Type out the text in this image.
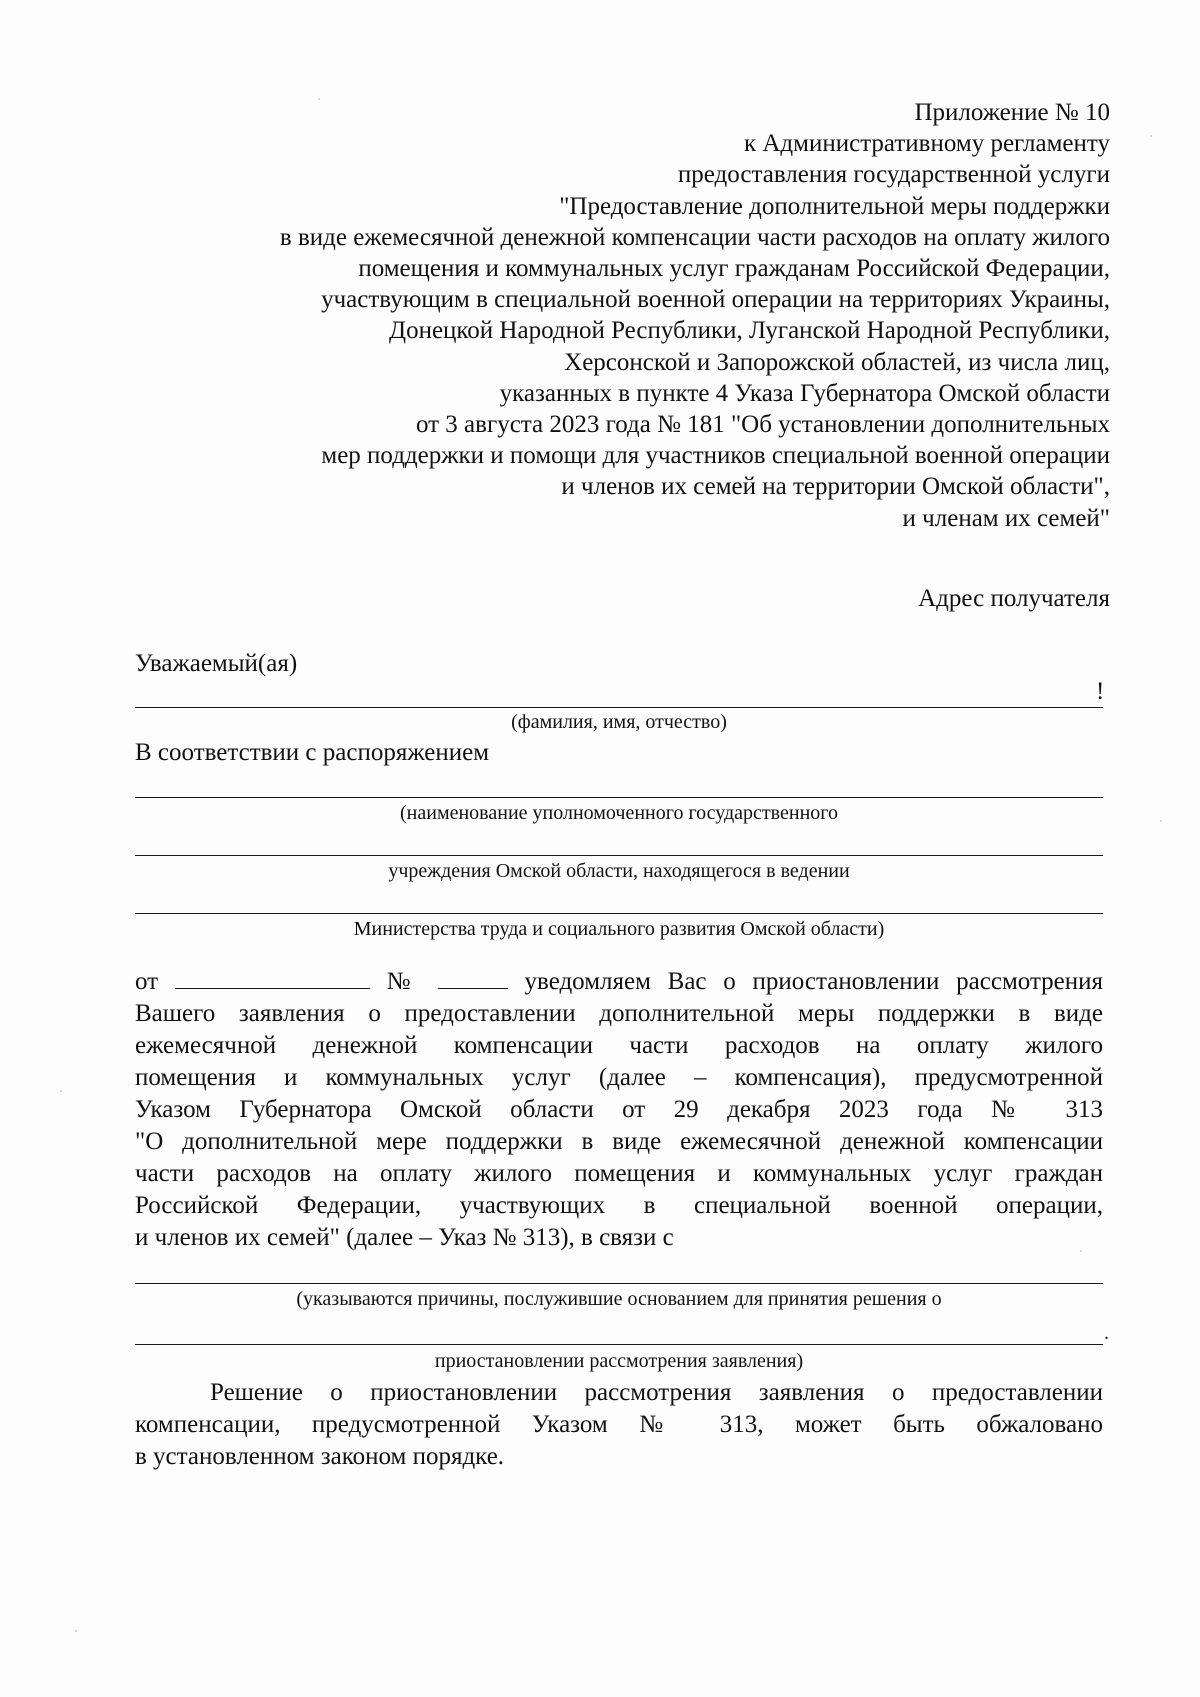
Приложение № 10
к Административному регламенту
предоставления государственной услуги
"Предоставление дополнительной меры поддержки
в виде ежемесячной денежной компенсации части расходов на оплату жилого
помещения и коммунальных услуг гражданам Российской Федерации,
участвующим в специальной военной операции на территориях Украины,
Донецкой Народной Республики, Луганской Народной Республики,
Херсонской и Запорожской областей, из числа лиц,
указанных в пункте 4 Указа Губернатора Омской области
от 3 августа 2023 года № 181 "Об установлении дополнительных
мер поддержки и помощи для участников специальной военной операции
и членов их семей на территории Омской области",
и членам их семей"
Адрес получателя
Уважаемый(ая)
!
(фамилия, имя, отчество)
В соответствии с распоряжением
(наименование уполномоченного государственного
учреждения Омской области, находящегося в ведении
Министерства труда и социального развития Омской области)
от	№	уведомляем Вас о приостановлении рассмотрения
Вашего заявления о предоставлении дополнительной меры поддержки в виде
ежемесячной денежной компенсации части расходов на оплату жилого
помещения и коммунальных услуг (далее – компенсация), предусмотренной
Указом Губернатора Омской области от 29 декабря 2023 года № 313
"О дополнительной мере поддержки в виде ежемесячной денежной компенсации
части расходов на оплату жилого помещения и коммунальных услуг граждан
Российской Федерации, участвующих в специальной военной операции,
и членов их семей" (далее – Указ № 313), в связи с
(указываются причины, послужившие основанием для принятия решения о
.
приостановлении рассмотрения заявления)
Решение о приостановлении рассмотрения заявления о предоставлении
компенсации, предусмотренной Указом № 313, может быть обжаловано
в установленном законом порядке.
